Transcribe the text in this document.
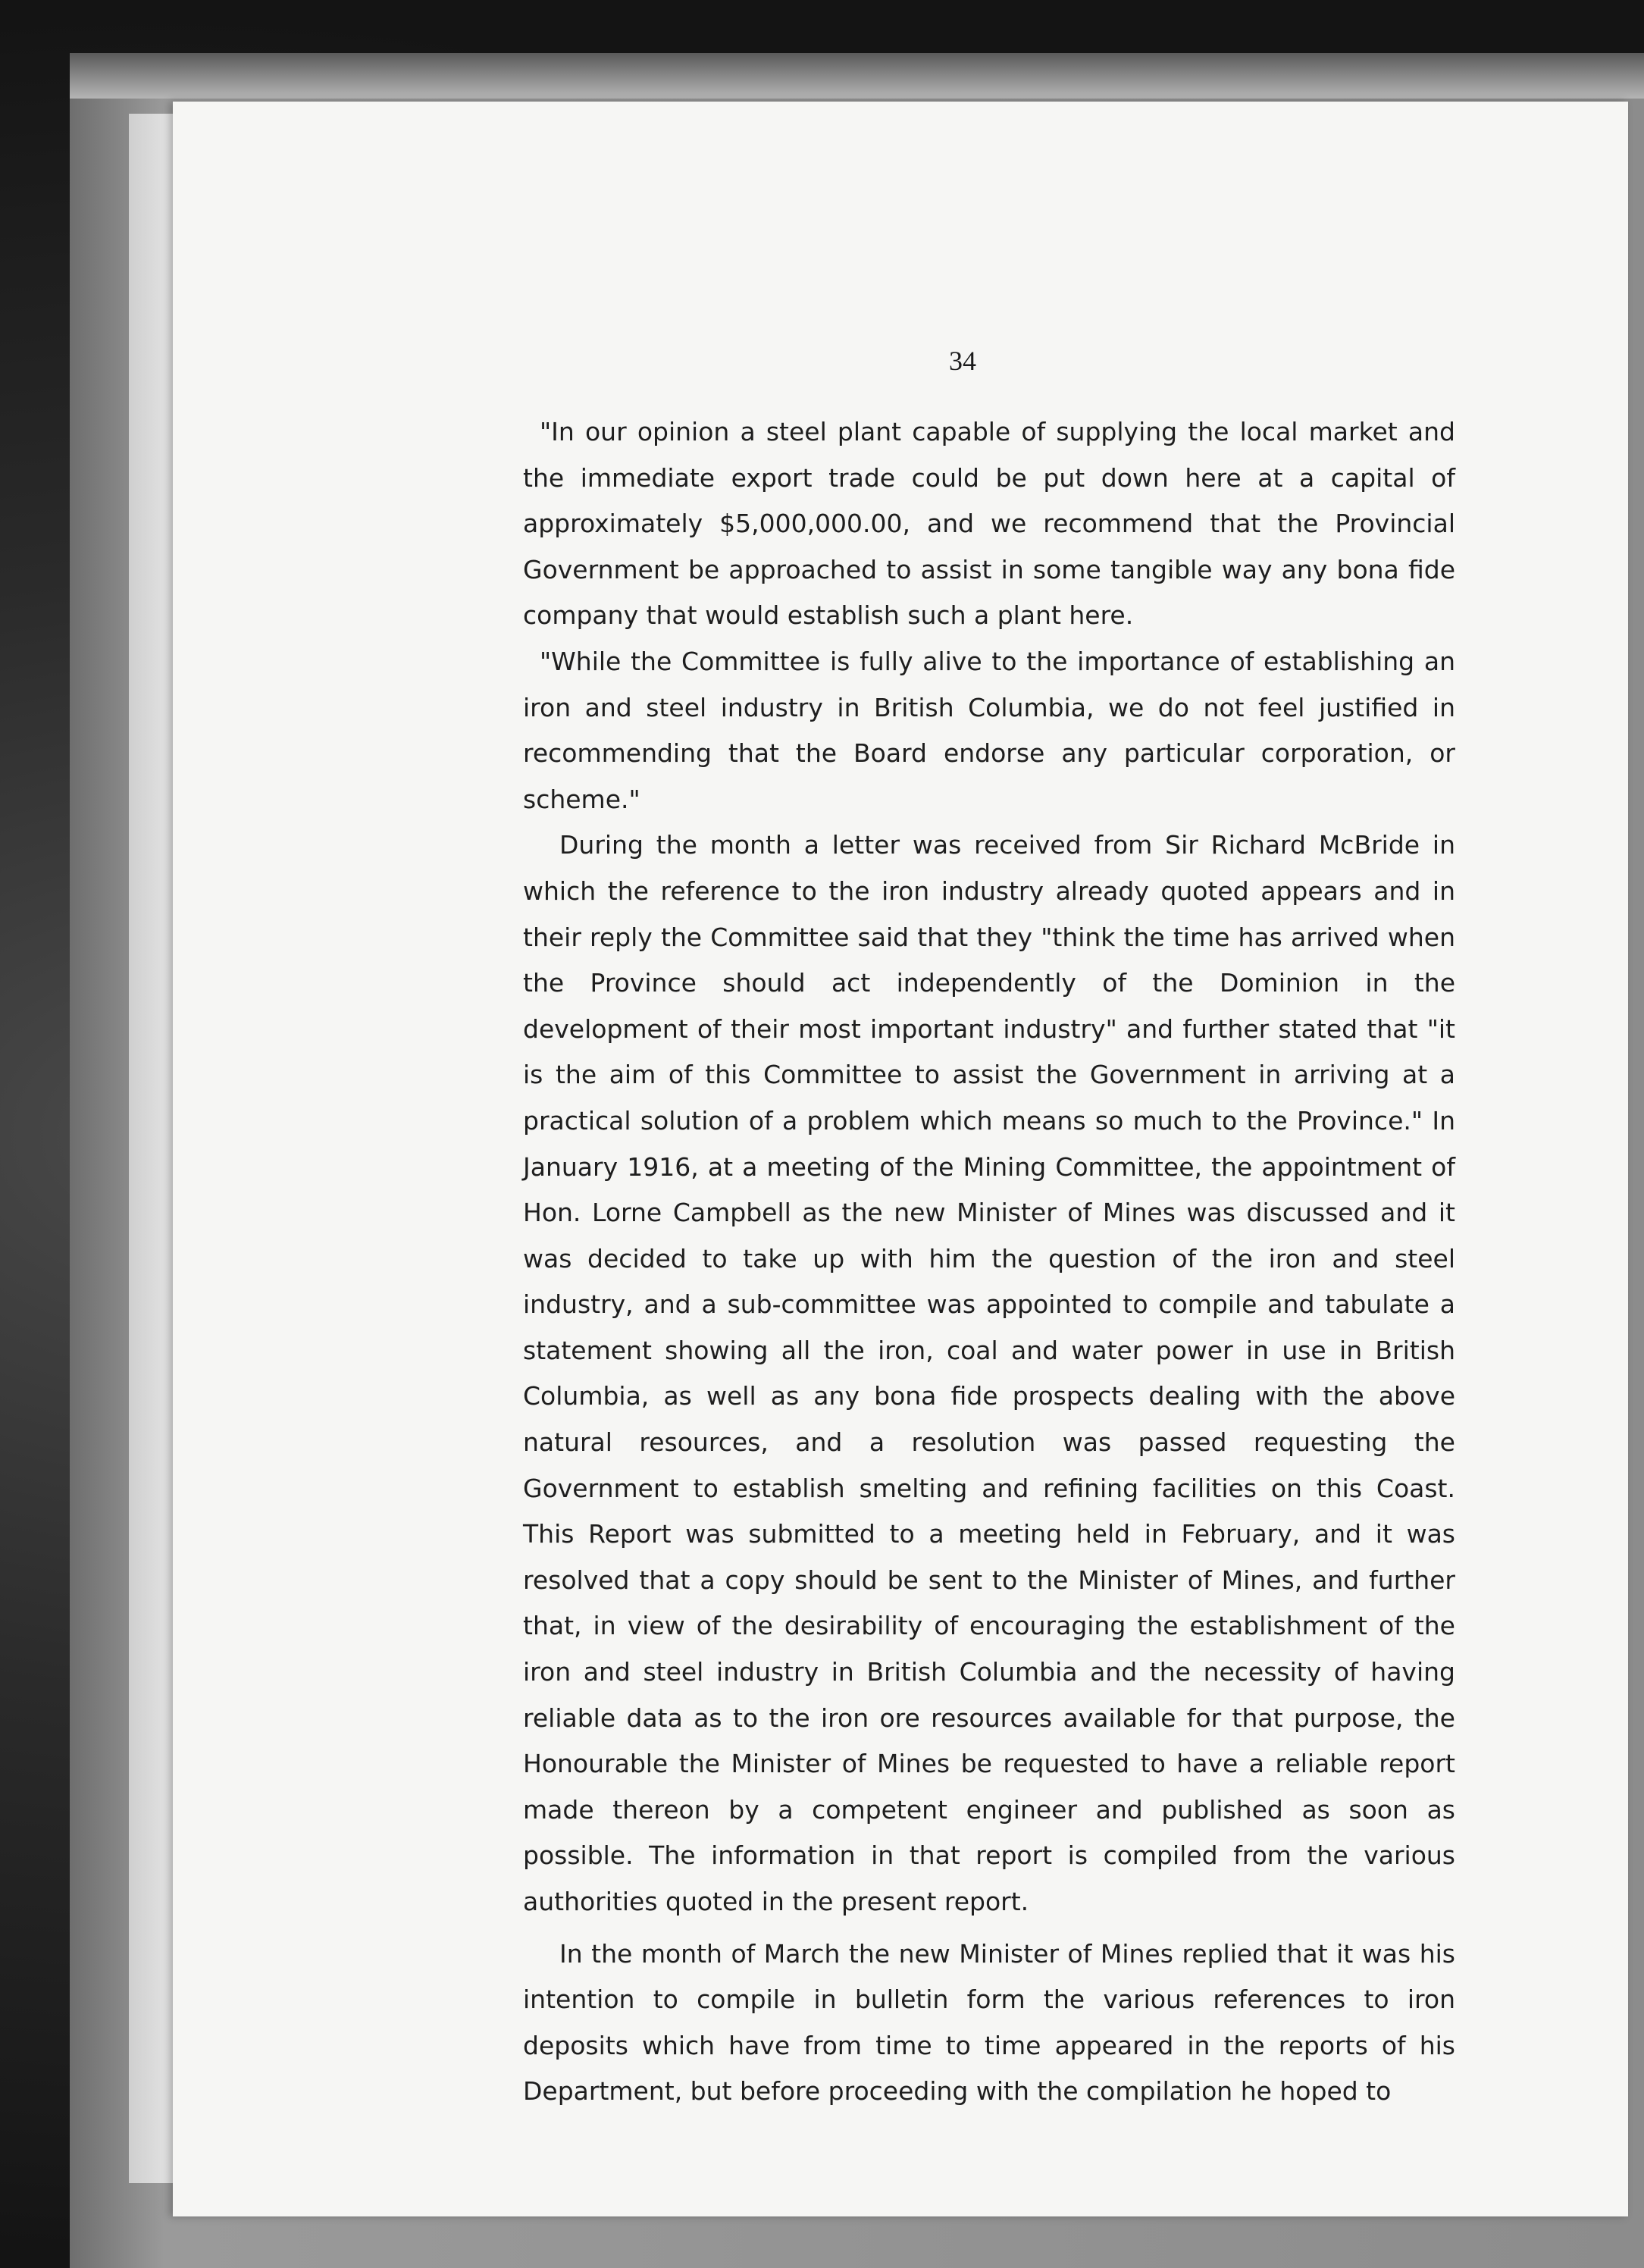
34

"In our opinion a steel plant capable of supplying the local market and the immediate export trade could be put down here at a capital of approximately $5,000,000.00, and we recommend that the Provincial Government be approached to assist in some tangible way any bona fide company that would establish such a plant here.

"While the Committee is fully alive to the importance of establishing an iron and steel industry in British Columbia, we do not feel justified in recommending that the Board endorse any particular corporation, or scheme."

During the month a letter was received from Sir Richard McBride in which the reference to the iron industry already quoted appears and in their reply the Committee said that they "think the time has arrived when the Province should act independently of the Dominion in the development of their most important industry" and further stated that "it is the aim of this Committee to assist the Government in arriving at a practical solution of a problem which means so much to the Province." In January 1916, at a meeting of the Mining Committee, the appointment of Hon. Lorne Campbell as the new Minister of Mines was discussed and it was decided to take up with him the question of the iron and steel industry, and a sub-committee was appointed to compile and tabulate a statement showing all the iron, coal and water power in use in British Columbia, as well as any bona fide prospects dealing with the above natural resources, and a resolution was passed requesting the Government to establish smelting and refining facilities on this Coast. This Report was submitted to a meeting held in February, and it was resolved that a copy should be sent to the Minister of Mines, and further that, in view of the desirability of encouraging the establishment of the iron and steel industry in British Columbia and the necessity of having reliable data as to the iron ore resources available for that purpose, the Honourable the Minister of Mines be requested to have a reliable report made thereon by a competent engineer and published as soon as possible. The information in that report is compiled from the various authorities quoted in the present report.

In the month of March the new Minister of Mines replied that it was his intention to compile in bulletin form the various references to iron deposits which have from time to time appeared in the reports of his Department, but before proceeding with the compilation he hoped to
